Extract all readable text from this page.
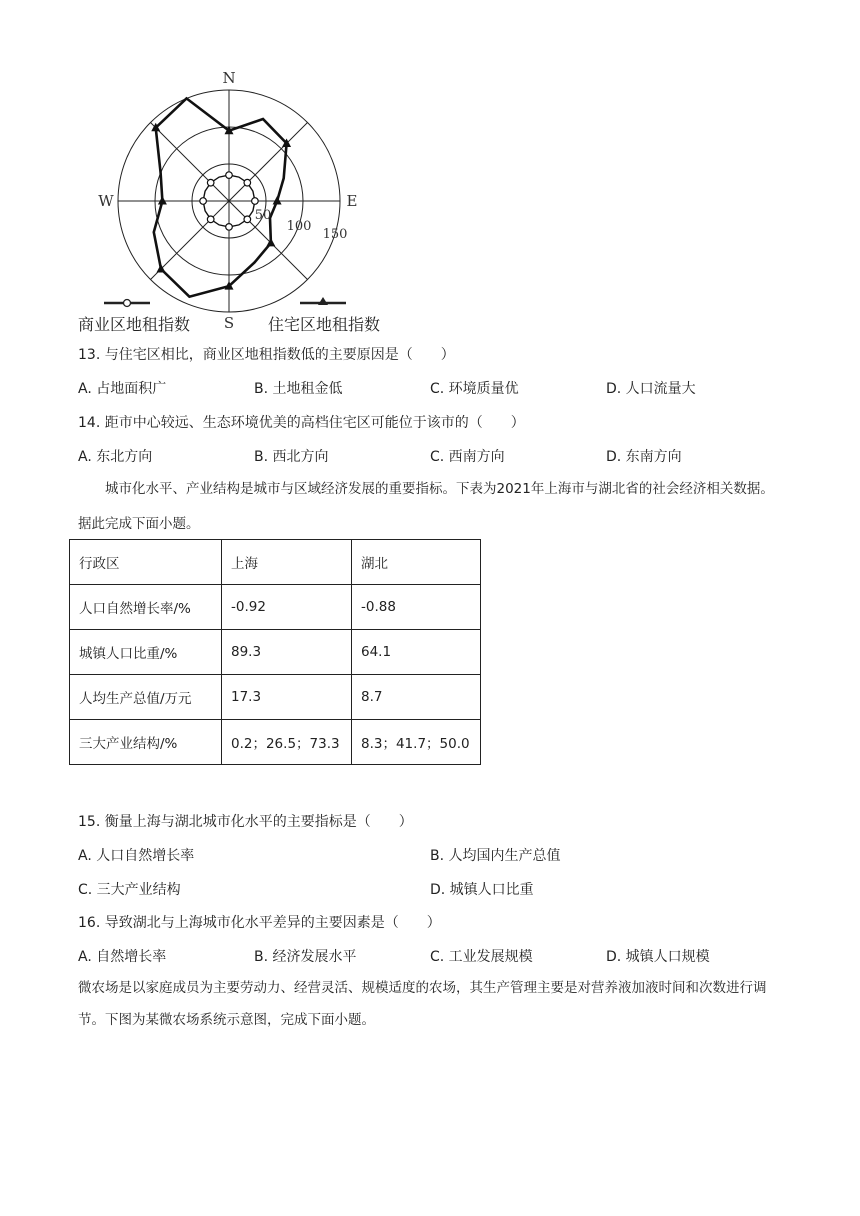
N
S
E
W
50
100
150
商业区地租指数	住宅区地租指数
13. 与住宅区相比，商业区地租指数低的主要原因是（　　）
A. 占地面积广	B. 土地租金低	C. 环境质量优	D. 人口流量大
14. 距市中心较远、生态环境优美的高档住宅区可能位于该市的（　　）
A. 东北方向	B. 西北方向	C. 西南方向	D. 东南方向
城市化水平、产业结构是城市与区域经济发展的重要指标。下表为2021年上海市与湖北省的社会经济相关数据。据此完成下面小题。
行政区	上海	湖北
人口自然增长率/%	-0.92	-0.88
城镇人口比重/%	89.3	64.1
人均生产总值/万元	17.3	8.7
三大产业结构/%	0.2；26.5；73.3	8.3；41.7；50.0
15. 衡量上海与湖北城市化水平的主要指标是（　　）
A. 人口自然增长率	B. 人均国内生产总值
C. 三大产业结构	D. 城镇人口比重
16. 导致湖北与上海城市化水平差异的主要因素是（　　）
A. 自然增长率	B. 经济发展水平	C. 工业发展规模	D. 城镇人口规模
微农场是以家庭成员为主要劳动力、经营灵活、规模适度的农场，其生产管理主要是对营养液加液时间和次数进行调节。下图为某微农场系统示意图，完成下面小题。
